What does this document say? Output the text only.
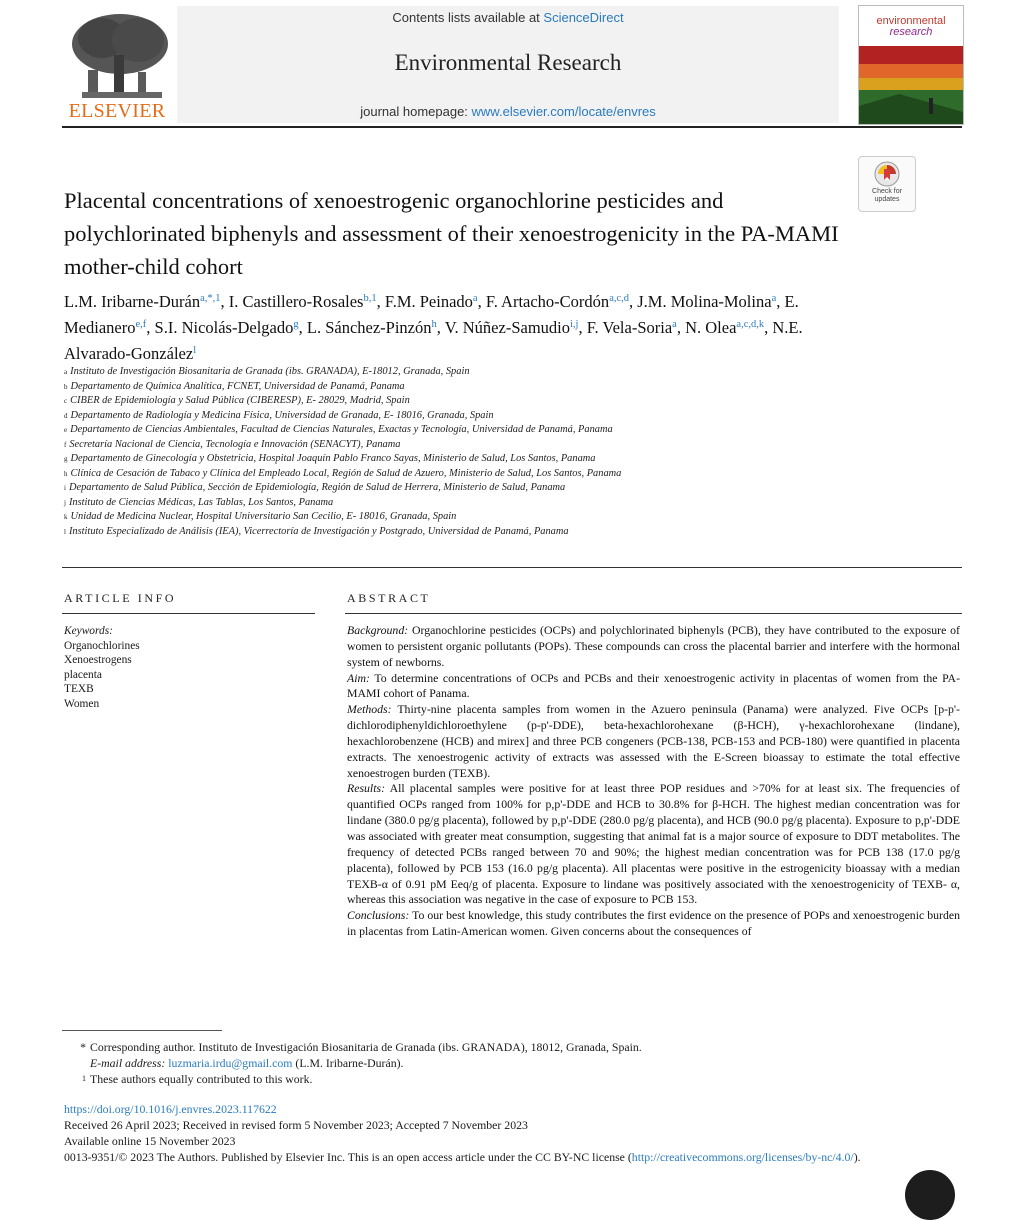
ELSEVIER
Contents lists available at ScienceDirect
Environmental Research
journal homepage: www.elsevier.com/locate/envres
environmental
research
Check for
updates
Placental concentrations of xenoestrogenic organochlorine pesticides and polychlorinated biphenyls and assessment of their xenoestrogenicity in the PA-MAMI mother-child cohort
L.M. Iribarne-Durán$^{a,*,1}$, I. Castillero-Rosales$^{b,1}$, F.M. Peinado$^a$, F. Artacho-Cordón$^{a,c,d}$, J.M. Molina-Molina$^a$, E. Medianero$^{e,f}$, S.I. Nicolás-Delgado$^g$, L. Sánchez-Pinzón$^h$, V. Núñez-Samudio$^{i,j}$, F. Vela-Soria$^a$, N. Olea$^{a,c,d,k}$, N.E. Alvarado-González$^l$
$^a$ Instituto de Investigación Biosanitaria de Granada (ibs. GRANADA), E-18012, Granada, Spain
$^b$ Departamento de Química Analítica, FCNET, Universidad de Panamá, Panama
$^c$ CIBER de Epidemiología y Salud Pública (CIBERESP), E- 28029, Madrid, Spain
$^d$ Departamento de Radiología y Medicina Física, Universidad de Granada, E- 18016, Granada, Spain
$^e$ Departamento de Ciencias Ambientales, Facultad de Ciencias Naturales, Exactas y Tecnología, Universidad de Panamá, Panama
$^f$ Secretaría Nacional de Ciencia, Tecnología e Innovación (SENACYT), Panama
$^g$ Departamento de Ginecología y Obstetricia, Hospital Joaquín Pablo Franco Sayas, Ministerio de Salud, Los Santos, Panama
$^h$ Clínica de Cesación de Tabaco y Clínica del Empleado Local, Región de Salud de Azuero, Ministerio de Salud, Los Santos, Panama
$^i$ Departamento de Salud Pública, Sección de Epidemiología, Región de Salud de Herrera, Ministerio de Salud, Panama
$^j$ Instituto de Ciencias Médicas, Las Tablas, Los Santos, Panama
$^k$ Unidad de Medicina Nuclear, Hospital Universitario San Cecilio, E- 18016, Granada, Spain
$^l$ Instituto Especializado de Análisis (IEA), Vicerrectoría de Investigación y Postgrado, Universidad de Panamá, Panama
ARTICLE INFO	ABSTRACT
Keywords:
Organochlorines
Xenoestrogens
placenta
TEXB
Women

Background: Organochlorine pesticides (OCPs) and polychlorinated biphenyls (PCB), they have contributed to the exposure of women to persistent organic pollutants (POPs). These compounds can cross the placental barrier and interfere with the hormonal system of newborns.

Aim: To determine concentrations of OCPs and PCBs and their xenoestrogenic activity in placentas of women from the PA-MAMI cohort of Panama.

Methods: Thirty-nine placenta samples from women in the Azuero peninsula (Panama) were analyzed. Five OCPs [p-p'-dichlorodiphenyldichloroethylene (p-p'-DDE), beta-hexachlorohexane (β-HCH), γ-hexachlorohexane (lindane), hexachlorobenzene (HCB) and mirex] and three PCB congeners (PCB-138, PCB-153 and PCB-180) were quantified in placenta extracts. The xenoestrogenic activity of extracts was assessed with the E-Screen bioassay to estimate the total effective xenoestrogen burden (TEXB).

Results: All placental samples were positive for at least three POP residues and >70% for at least six. The frequencies of quantified OCPs ranged from 100% for p,p'-DDE and HCB to 30.8% for β-HCH. The highest median concentration was for lindane (380.0 pg/g placenta), followed by p,p'-DDE (280.0 pg/g placenta), and HCB (90.0 pg/g placenta). Exposure to p,p'-DDE was associated with greater meat consumption, suggesting that animal fat is a major source of exposure to DDT metabolites. The frequency of detected PCBs ranged between 70 and 90%; the highest median concentration was for PCB 138 (17.0 pg/g placenta), followed by PCB 153 (16.0 pg/g placenta). All placentas were positive in the estrogenicity bioassay with a median TEXB-α of 0.91 pM Eeq/g of placenta. Exposure to lindane was positively associated with the xenoestrogenicity of TEXB- α, whereas this association was negative in the case of exposure to PCB 153.

Conclusions: To our best knowledge, this study contributes the first evidence on the presence of POPs and xenoestrogenic burden in placentas from Latin-American women. Given concerns about the consequences of

* Corresponding author. Instituto de Investigación Biosanitaria de Granada (ibs. GRANADA), 18012, Granada, Spain.
E-mail address: luzmaria.irdu@gmail.com (L.M. Iribarne-Durán).
1 These authors equally contributed to this work.
https://doi.org/10.1016/j.envres.2023.117622
Received 26 April 2023; Received in revised form 5 November 2023; Accepted 7 November 2023
Available online 15 November 2023
0013-9351/© 2023 The Authors. Published by Elsevier Inc. This is an open access article under the CC BY-NC license (http://creativecommons.org/licenses/by-nc/4.0/).
